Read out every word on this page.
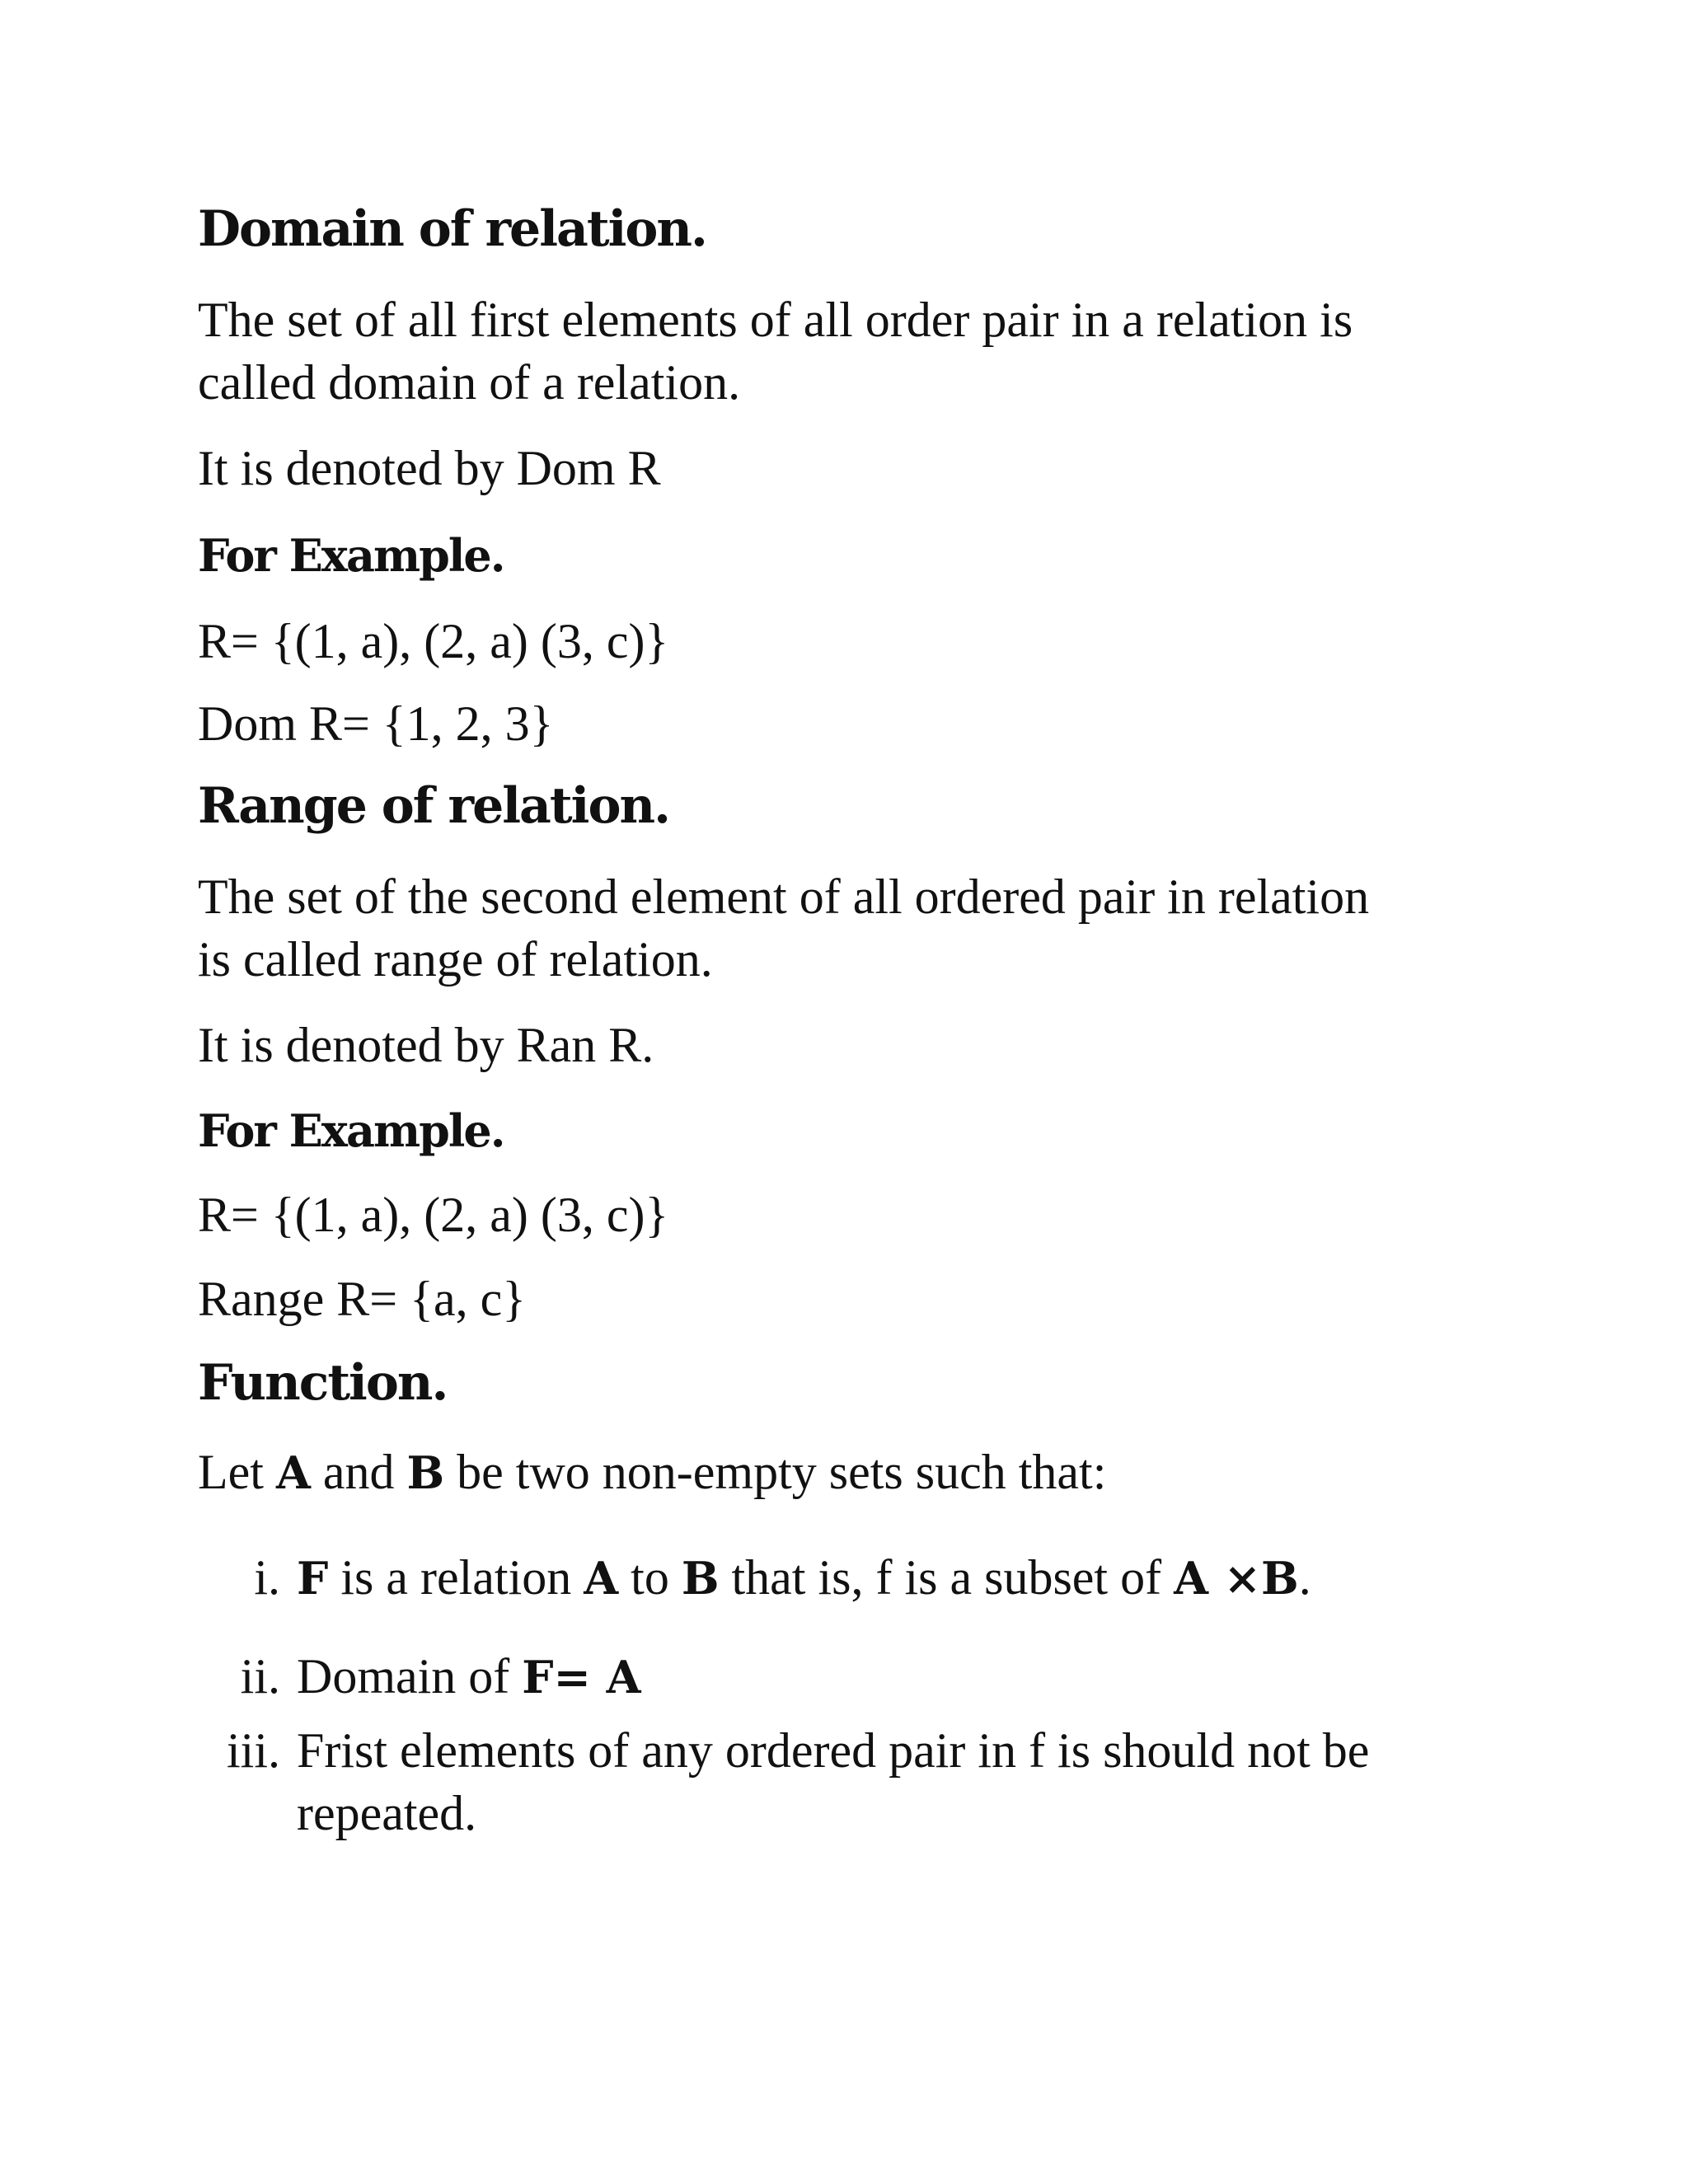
Domain of relation.
The set of all first elements of all order pair in a relation is
called domain of a relation.
It is denoted by Dom R
For Example.
R= {(1, a), (2, a) (3, c)}
Dom R= {1, 2, 3}
Range of relation.
The set of the second element of all ordered pair in relation
is called range of relation.
It is denoted by Ran R.
For Example.
R= {(1, a), (2, a) (3, c)}
Range R= {a, c}
Function.
Let A and B be two non-empty sets such that:
i. F is a relation A to B that is, f is a subset of A ×B.
ii. Domain of F= A
iii. Frist elements of any ordered pair in f is should not be repeated.
